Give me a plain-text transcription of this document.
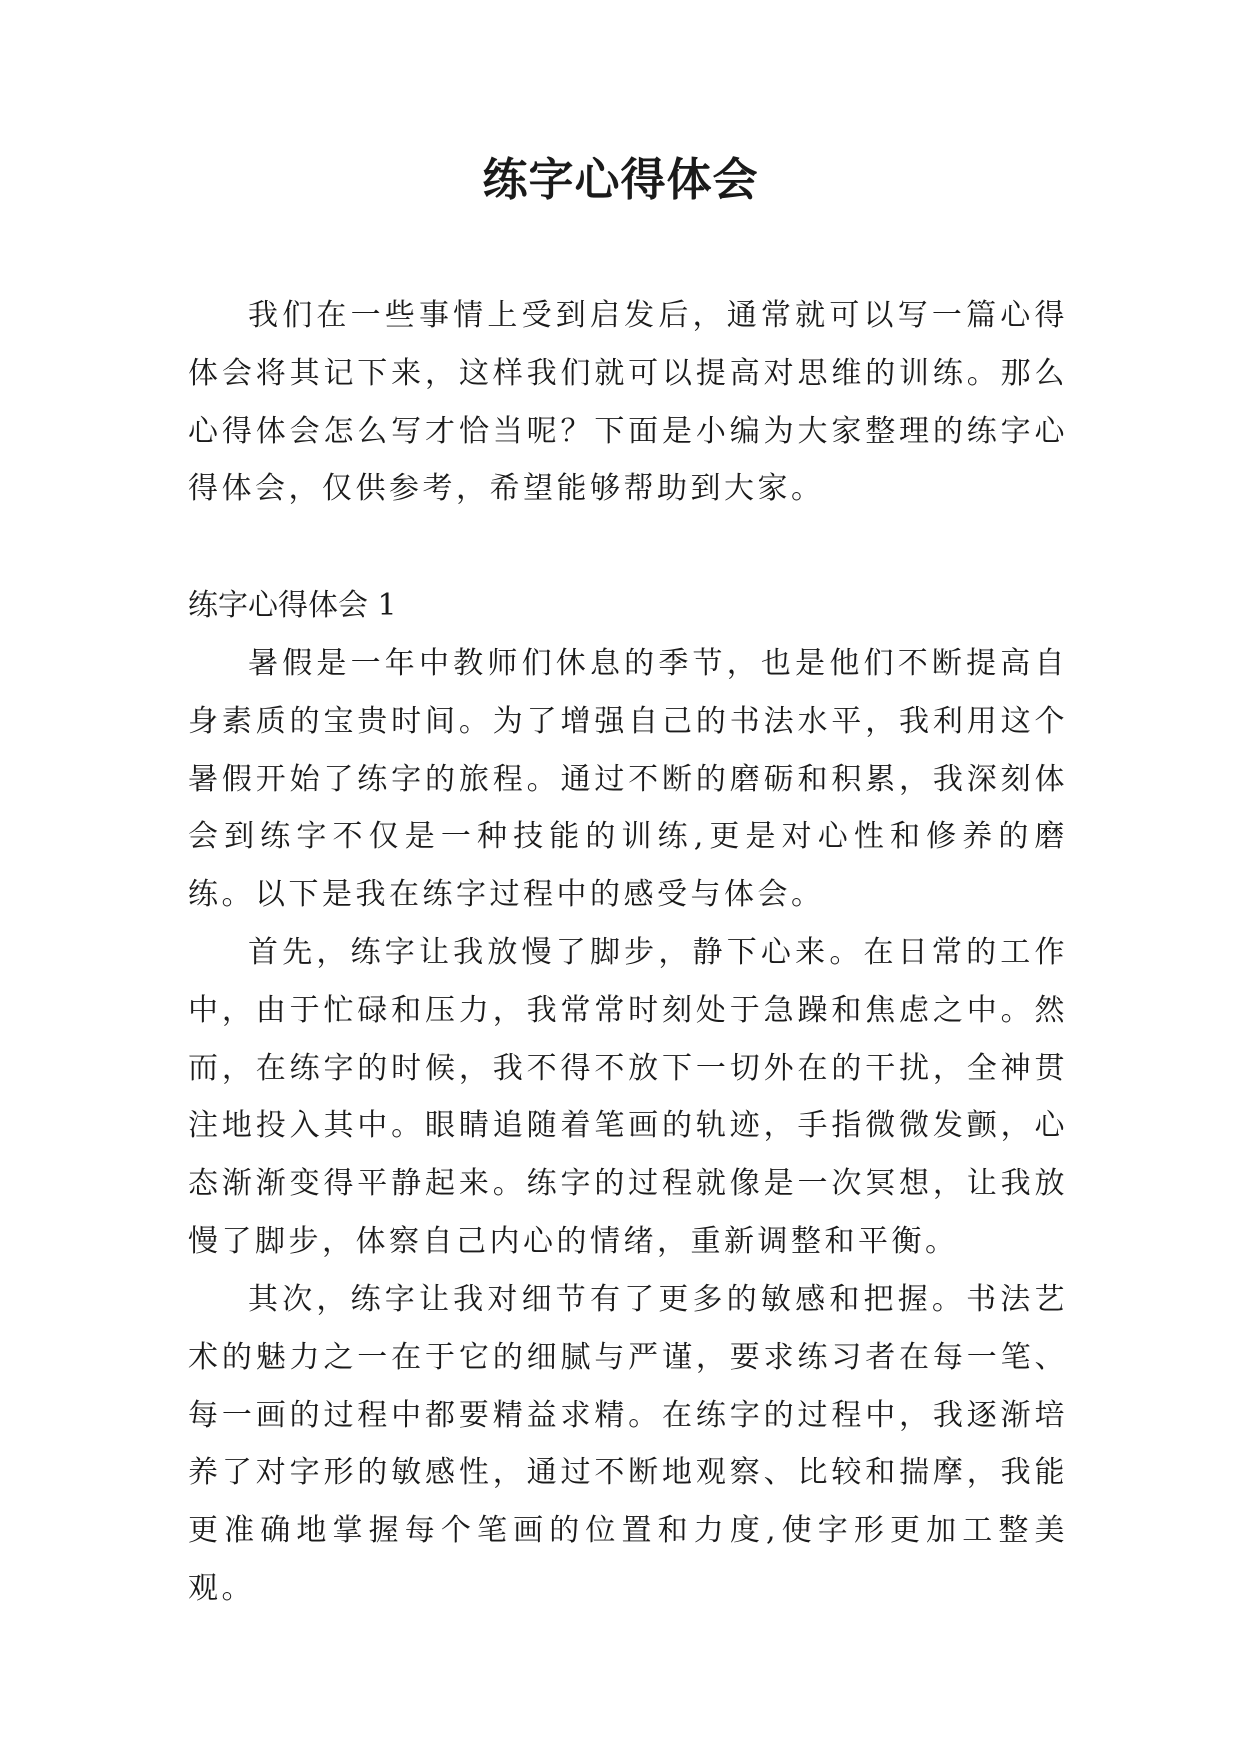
练字心得体会

我们在一些事情上受到启发后，通常就可以写一篇心得体会将其记下来，这样我们就可以提高对思维的训练。那么心得体会怎么写才恰当呢？下面是小编为大家整理的练字心得体会，仅供参考，希望能够帮助到大家。

练字心得体会 1

暑假是一年中教师们休息的季节，也是他们不断提高自身素质的宝贵时间。为了增强自己的书法水平，我利用这个暑假开始了练字的旅程。通过不断的磨砺和积累，我深刻体会到练字不仅是一种技能的训练,更是对心性和修养的磨练。以下是我在练字过程中的感受与体会。

首先，练字让我放慢了脚步，静下心来。在日常的工作中，由于忙碌和压力，我常常时刻处于急躁和焦虑之中。然而，在练字的时候，我不得不放下一切外在的干扰，全神贯注地投入其中。眼睛追随着笔画的轨迹，手指微微发颤，心态渐渐变得平静起来。练字的过程就像是一次冥想，让我放慢了脚步，体察自己内心的情绪，重新调整和平衡。

其次，练字让我对细节有了更多的敏感和把握。书法艺术的魅力之一在于它的细腻与严谨，要求练习者在每一笔、每一画的过程中都要精益求精。在练字的过程中，我逐渐培养了对字形的敏感性，通过不断地观察、比较和揣摩，我能更准确地掌握每个笔画的位置和力度,使字形更加工整美观。
